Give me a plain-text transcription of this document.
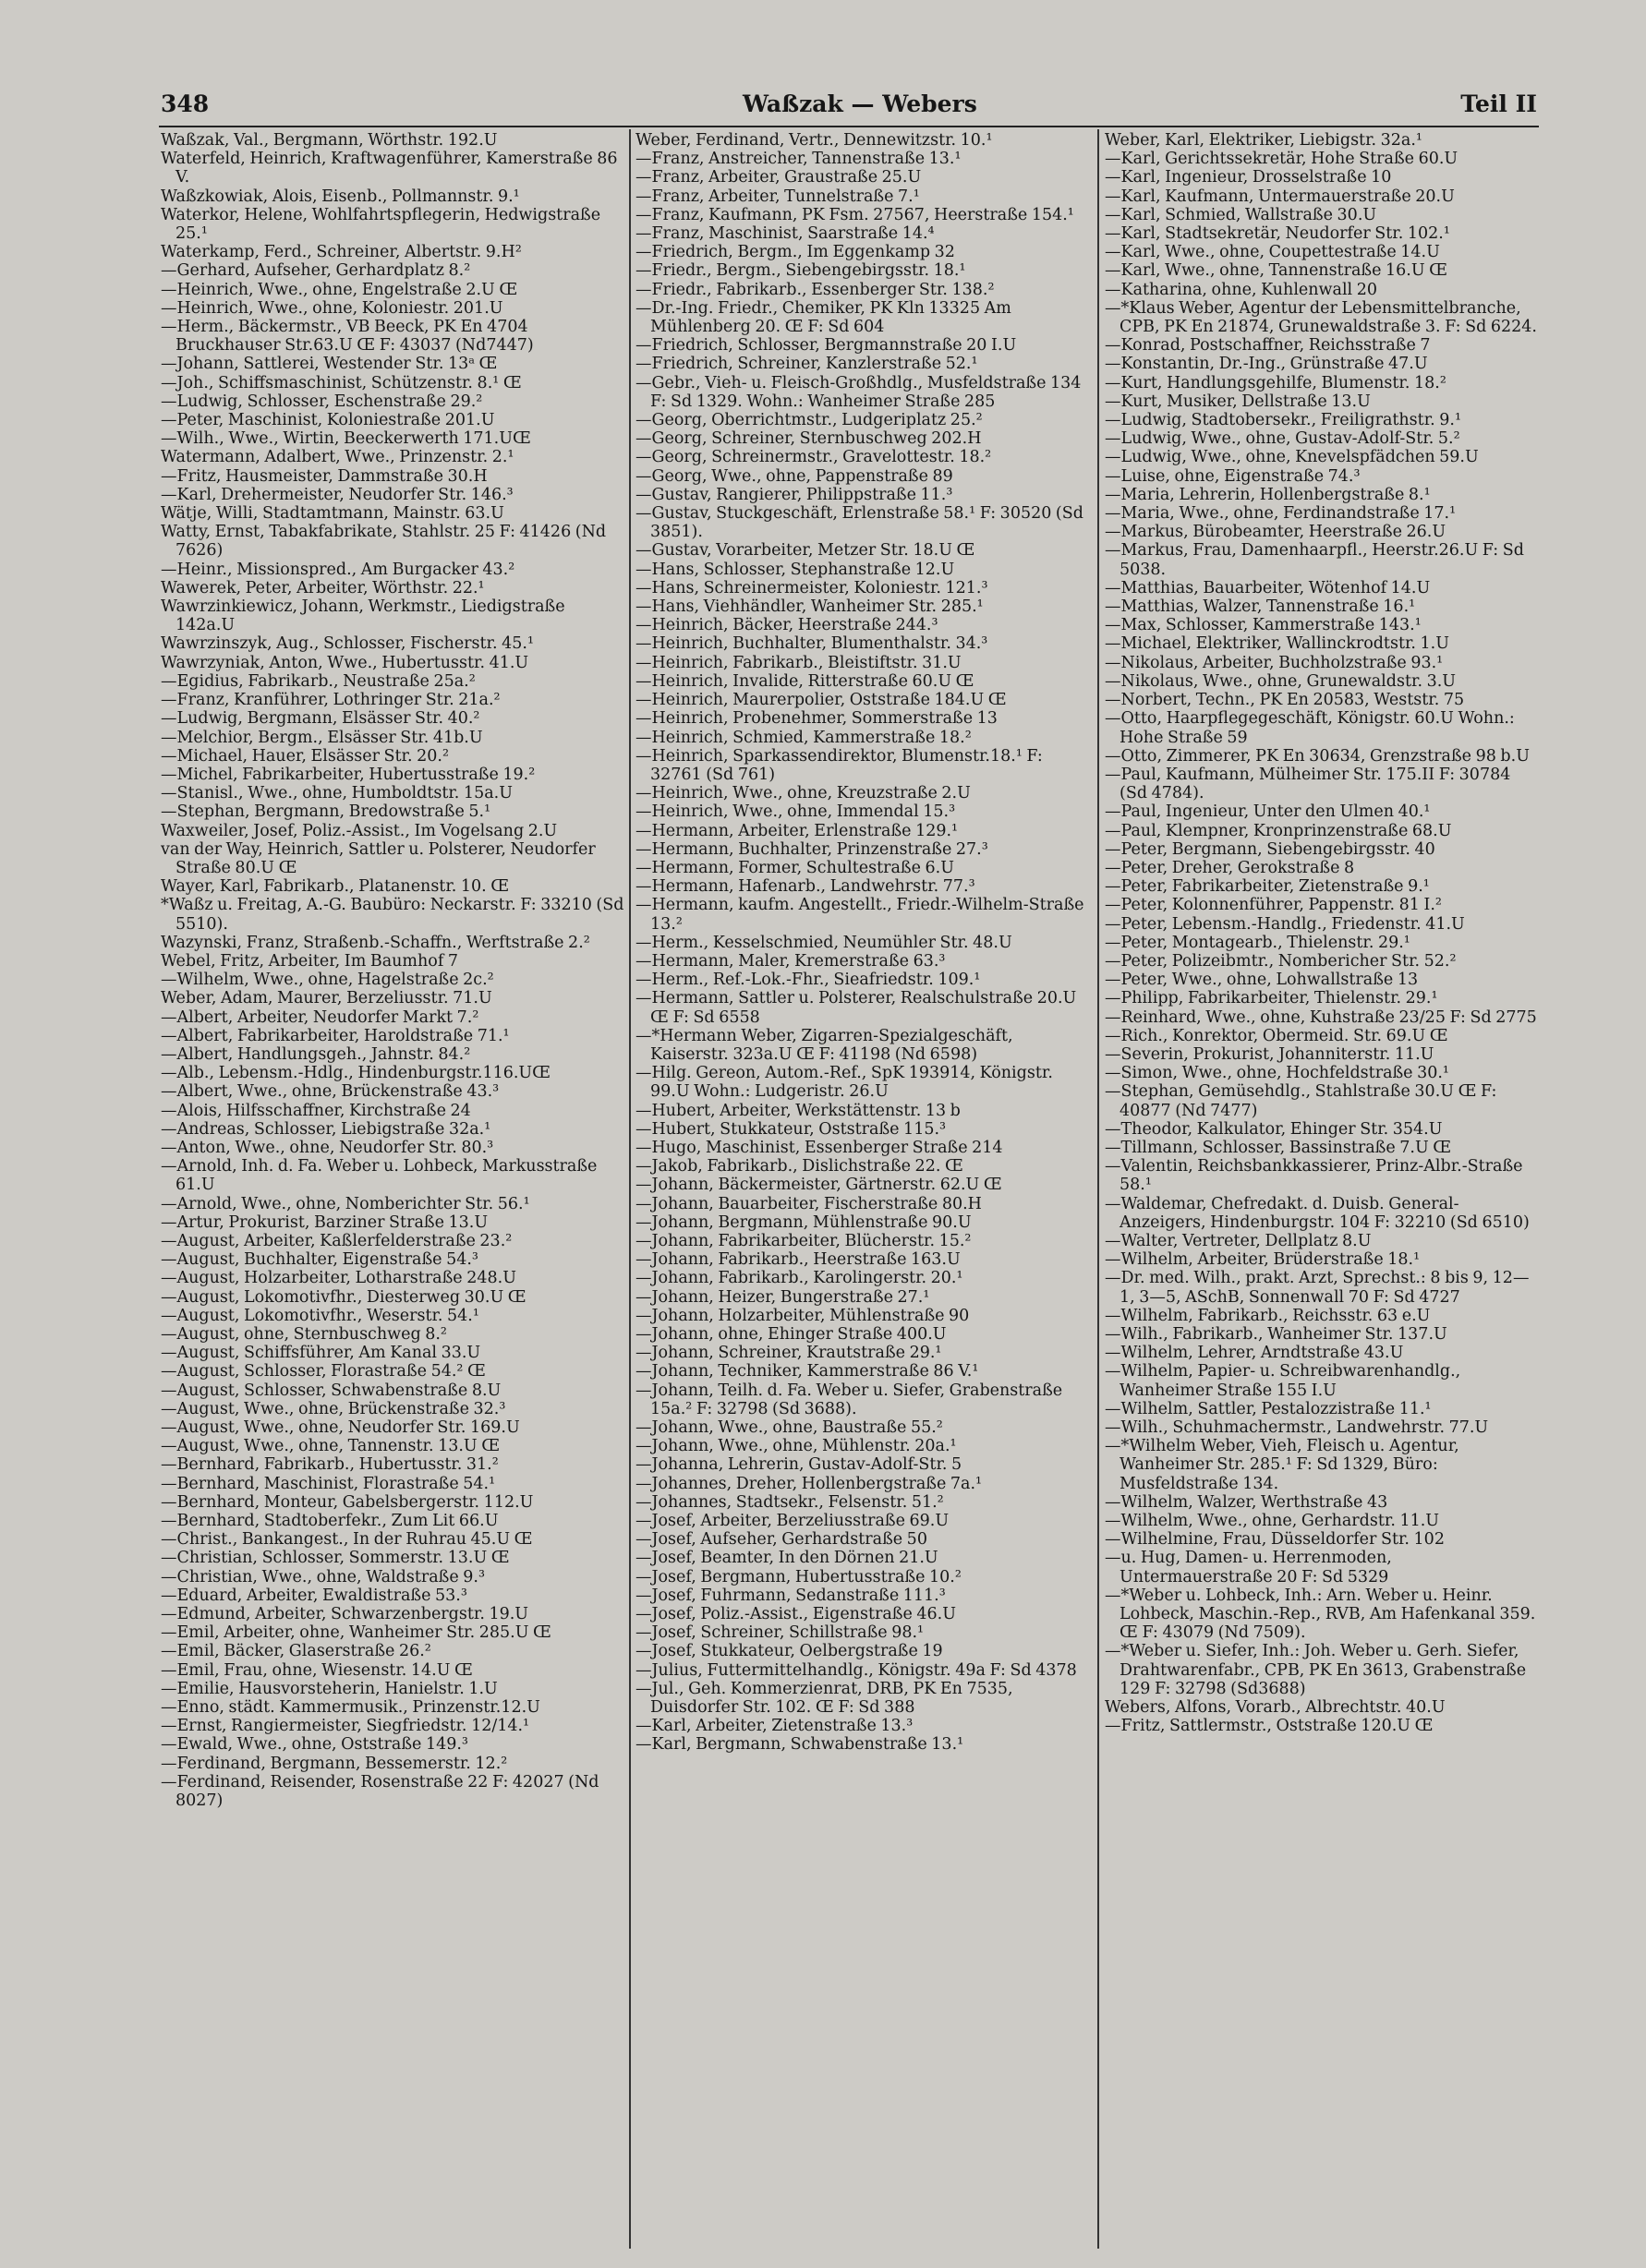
348	Waßzak — Webers	Teil II
Waßzak, Val., Bergmann, Wörthstr. 192.U
Waterfeld, Heinrich, Kraftwagenführer, Kamerstraße 86 V.
Waßzkowiak, Alois, Eisenb., Pollmannstr. 9.¹
Waterkor, Helene, Wohlfahrtspflegerin, Hedwigstraße 25.¹
Waterkamp, Ferd., Schreiner, Albertstr. 9.H²
—Gerhard, Aufseher, Gerhardplatz 8.²
—Heinrich, Wwe., ohne, Engelstraße 2.U Œ
—Heinrich, Wwe., ohne, Koloniestr. 201.U
—Herm., Bäckermstr., VB Beeck, PK En 4704 Bruckhauser Str.63.U Œ F: 43037 (Nd7447)
—Johann, Sattlerei, Westender Str. 13ᵃ Œ
—Joh., Schiffsmaschinist, Schützenstr. 8.¹ Œ
—Ludwig, Schlosser, Eschenstraße 29.²
—Peter, Maschinist, Koloniestraße 201.U
—Wilh., Wwe., Wirtin, Beeckerwerth 171.UŒ
Watermann, Adalbert, Wwe., Prinzenstr. 2.¹
—Fritz, Hausmeister, Dammstraße 30.H
—Karl, Drehermeister, Neudorfer Str. 146.³
Wätje, Willi, Stadtamtmann, Mainstr. 63.U
Watty, Ernst, Tabakfabrikate, Stahlstr. 25 F: 41426 (Nd 7626)
—Heinr., Missionspred., Am Burgacker 43.²
Wawerek, Peter, Arbeiter, Wörthstr. 22.¹
Wawrzinkiewicz, Johann, Werkmstr., Liedigstraße 142a.U
Wawrzinszyk, Aug., Schlosser, Fischerstr. 45.¹
Wawrzyniak, Anton, Wwe., Hubertusstr. 41.U
—Egidius, Fabrikarb., Neustraße 25a.²
—Franz, Kranführer, Lothringer Str. 21a.²
—Ludwig, Bergmann, Elsässer Str. 40.²
—Melchior, Bergm., Elsässer Str. 41b.U
—Michael, Hauer, Elsässer Str. 20.²
—Michel, Fabrikarbeiter, Hubertusstraße 19.²
—Stanisl., Wwe., ohne, Humboldtstr. 15a.U
—Stephan, Bergmann, Bredowstraße 5.¹
Waxweiler, Josef, Poliz.-Assist., Im Vogelsang 2.U
van der Way, Heinrich, Sattler u. Polsterer, Neudorfer Straße 80.U Œ
Wayer, Karl, Fabrikarb., Platanenstr. 10. Œ
*Waßz u. Freitag, A.-G. Baubüro: Neckarstr. F: 33210 (Sd 5510).
Wazynski, Franz, Straßenb.-Schaffn., Werftstraße 2.²
Webel, Fritz, Arbeiter, Im Baumhof 7
—Wilhelm, Wwe., ohne, Hagelstraße 2c.²
Weber, Adam, Maurer, Berzeliusstr. 71.U
—Albert, Arbeiter, Neudorfer Markt 7.²
—Albert, Fabrikarbeiter, Haroldstraße 71.¹
—Albert, Handlungsgeh., Jahnstr. 84.²
—Alb., Lebensm.-Hdlg., Hindenburgstr.116.UŒ
—Albert, Wwe., ohne, Brückenstraße 43.³
—Alois, Hilfsschaffner, Kirchstraße 24
—Andreas, Schlosser, Liebigstraße 32a.¹
—Anton, Wwe., ohne, Neudorfer Str. 80.³
—Arnold, Inh. d. Fa. Weber u. Lohbeck, Markusstraße 61.U
—Arnold, Wwe., ohne, Nomberichter Str. 56.¹
—Artur, Prokurist, Barziner Straße 13.U
—August, Arbeiter, Kaßlerfelderstraße 23.²
—August, Buchhalter, Eigenstraße 54.³
—August, Holzarbeiter, Lotharstraße 248.U
—August, Lokomotivfhr., Diesterweg 30.U Œ
—August, Lokomotivfhr., Weserstr. 54.¹
—August, ohne, Sternbuschweg 8.²
—August, Schiffsführer, Am Kanal 33.U
—August, Schlosser, Florastraße 54.² Œ
—August, Schlosser, Schwabenstraße 8.U
—August, Wwe., ohne, Brückenstraße 32.³
—August, Wwe., ohne, Neudorfer Str. 169.U
—August, Wwe., ohne, Tannenstr. 13.U Œ
—Bernhard, Fabrikarb., Hubertusstr. 31.²
—Bernhard, Maschinist, Florastraße 54.¹
—Bernhard, Monteur, Gabelsbergerstr. 112.U
—Bernhard, Stadtoberfekr., Zum Lit 66.U
—Christ., Bankangest., In der Ruhrau 45.U Œ
—Christian, Schlosser, Sommerstr. 13.U Œ
—Christian, Wwe., ohne, Waldstraße 9.³
—Eduard, Arbeiter, Ewaldistraße 53.³
—Edmund, Arbeiter, Schwarzenbergstr. 19.U
—Emil, Arbeiter, ohne, Wanheimer Str. 285.U Œ
—Emil, Bäcker, Glaserstraße 26.²
—Emil, Frau, ohne, Wiesenstr. 14.U Œ
—Emilie, Hausvorsteherin, Hanielstr. 1.U
—Enno, städt. Kammermusik., Prinzenstr.12.U
—Ernst, Rangiermeister, Siegfriedstr. 12/14.¹
—Ewald, Wwe., ohne, Oststraße 149.³
—Ferdinand, Bergmann, Bessemerstr. 12.²
—Ferdinand, Reisender, Rosenstraße 22 F: 42027 (Nd 8027)
Weber, Ferdinand, Vertr., Dennewitzstr. 10.¹
—Franz, Anstreicher, Tannenstraße 13.¹
—Franz, Arbeiter, Graustraße 25.U
—Franz, Arbeiter, Tunnelstraße 7.¹
—Franz, Kaufmann, PK Fsm. 27567, Heerstraße 154.¹
—Franz, Maschinist, Saarstraße 14.⁴
—Friedrich, Bergm., Im Eggenkamp 32
—Friedr., Bergm., Siebengebirgsstr. 18.¹
—Friedr., Fabrikarb., Essenberger Str. 138.²
—Dr.-Ing. Friedr., Chemiker, PK Kln 13325 Am Mühlenberg 20. Œ F: Sd 604
—Friedrich, Schlosser, Bergmannstraße 20 I.U
—Friedrich, Schreiner, Kanzlerstraße 52.¹
—Gebr., Vieh- u. Fleisch-Großhdlg., Musfeldstraße 134 F: Sd 1329. Wohn.: Wanheimer Straße 285
—Georg, Oberrichtmstr., Ludgeriplatz 25.²
—Georg, Schreiner, Sternbuschweg 202.H
—Georg, Schreinermstr., Gravelottestr. 18.²
—Georg, Wwe., ohne, Pappenstraße 89
—Gustav, Rangierer, Philippstraße 11.³
—Gustav, Stuckgeschäft, Erlenstraße 58.¹ F: 30520 (Sd 3851).
—Gustav, Vorarbeiter, Metzer Str. 18.U Œ
—Hans, Schlosser, Stephanstraße 12.U
—Hans, Schreinermeister, Koloniestr. 121.³
—Hans, Viehhändler, Wanheimer Str. 285.¹
—Heinrich, Bäcker, Heerstraße 244.³
—Heinrich, Buchhalter, Blumenthalstr. 34.³
—Heinrich, Fabrikarb., Bleistiftstr. 31.U
—Heinrich, Invalide, Ritterstraße 60.U Œ
—Heinrich, Maurerpolier, Oststraße 184.U Œ
—Heinrich, Probenehmer, Sommerstraße 13
—Heinrich, Schmied, Kammerstraße 18.²
—Heinrich, Sparkassendirektor, Blumenstr.18.¹ F: 32761 (Sd 761)
—Heinrich, Wwe., ohne, Kreuzstraße 2.U
—Heinrich, Wwe., ohne, Immendal 15.³
—Hermann, Arbeiter, Erlenstraße 129.¹
—Hermann, Buchhalter, Prinzenstraße 27.³
—Hermann, Former, Schultestraße 6.U
—Hermann, Hafenarb., Landwehrstr. 77.³
—Hermann, kaufm. Angestellt., Friedr.-Wilhelm-Straße 13.²
—Herm., Kesselschmied, Neumühler Str. 48.U
—Hermann, Maler, Kremerstraße 63.³
—Herm., Ref.-Lok.-Fhr., Sieafriedstr. 109.¹
—Hermann, Sattler u. Polsterer, Realschulstraße 20.U Œ F: Sd 6558
—*Hermann Weber, Zigarren-Spezialgeschäft, Kaiserstr. 323a.U Œ F: 41198 (Nd 6598)
—Hilg. Gereon, Autom.-Ref., SpK 193914, Königstr. 99.U Wohn.: Ludgeristr. 26.U
—Hubert, Arbeiter, Werkstättenstr. 13 b
—Hubert, Stukkateur, Oststraße 115.³
—Hugo, Maschinist, Essenberger Straße 214
—Jakob, Fabrikarb., Dislichstraße 22. Œ
—Johann, Bäckermeister, Gärtnerstr. 62.U Œ
—Johann, Bauarbeiter, Fischerstraße 80.H
—Johann, Bergmann, Mühlenstraße 90.U
—Johann, Fabrikarbeiter, Blücherstr. 15.²
—Johann, Fabrikarb., Heerstraße 163.U
—Johann, Fabrikarb., Karolingerstr. 20.¹
—Johann, Heizer, Bungerstraße 27.¹
—Johann, Holzarbeiter, Mühlenstraße 90
—Johann, ohne, Ehinger Straße 400.U
—Johann, Schreiner, Krautstraße 29.¹
—Johann, Techniker, Kammerstraße 86 V.¹
—Johann, Teilh. d. Fa. Weber u. Siefer, Grabenstraße 15a.² F: 32798 (Sd 3688).
—Johann, Wwe., ohne, Baustraße 55.²
—Johann, Wwe., ohne, Mühlenstr. 20a.¹
—Johanna, Lehrerin, Gustav-Adolf-Str. 5
—Johannes, Dreher, Hollenbergstraße 7a.¹
—Johannes, Stadtsekr., Felsenstr. 51.²
—Josef, Arbeiter, Berzeliusstraße 69.U
—Josef, Aufseher, Gerhardstraße 50
—Josef, Beamter, In den Dörnen 21.U
—Josef, Bergmann, Hubertusstraße 10.²
—Josef, Fuhrmann, Sedanstraße 111.³
—Josef, Poliz.-Assist., Eigenstraße 46.U
—Josef, Schreiner, Schillstraße 98.¹
—Josef, Stukkateur, Oelbergstraße 19
—Julius, Futtermittelhandlg., Königstr. 49a F: Sd 4378
—Jul., Geh. Kommerzienrat, DRB, PK En 7535, Duisdorfer Str. 102. Œ F: Sd 388
—Karl, Arbeiter, Zietenstraße 13.³
—Karl, Bergmann, Schwabenstraße 13.¹
Weber, Karl, Elektriker, Liebigstr. 32a.¹
—Karl, Gerichtssekretär, Hohe Straße 60.U
—Karl, Ingenieur, Drosselstraße 10
—Karl, Kaufmann, Untermauerstraße 20.U
—Karl, Schmied, Wallstraße 30.U
—Karl, Stadtsekretär, Neudorfer Str. 102.¹
—Karl, Wwe., ohne, Coupettestraße 14.U
—Karl, Wwe., ohne, Tannenstraße 16.U Œ
—Katharina, ohne, Kuhlenwall 20
—*Klaus Weber, Agentur der Lebensmittelbranche, CPB, PK En 21874, Grunewaldstraße 3. F: Sd 6224.
—Konrad, Postschaffner, Reichsstraße 7
—Konstantin, Dr.-Ing., Grünstraße 47.U
—Kurt, Handlungsgehilfe, Blumenstr. 18.²
—Kurt, Musiker, Dellstraße 13.U
—Ludwig, Stadtobersekr., Freiligrathstr. 9.¹
—Ludwig, Wwe., ohne, Gustav-Adolf-Str. 5.²
—Ludwig, Wwe., ohne, Knevelspfädchen 59.U
—Luise, ohne, Eigenstraße 74.³
—Maria, Lehrerin, Hollenbergstraße 8.¹
—Maria, Wwe., ohne, Ferdinandstraße 17.¹
—Markus, Bürobeamter, Heerstraße 26.U
—Markus, Frau, Damenhaarpfl., Heerstr.26.U F: Sd 5038.
—Matthias, Bauarbeiter, Wötenhof 14.U
—Matthias, Walzer, Tannenstraße 16.¹
—Max, Schlosser, Kammerstraße 143.¹
—Michael, Elektriker, Wallinckrodtstr. 1.U
—Nikolaus, Arbeiter, Buchholzstraße 93.¹
—Nikolaus, Wwe., ohne, Grunewaldstr. 3.U
—Norbert, Techn., PK En 20583, Weststr. 75
—Otto, Haarpflegegeschäft, Königstr. 60.U Wohn.: Hohe Straße 59
—Otto, Zimmerer, PK En 30634, Grenzstraße 98 b.U
—Paul, Kaufmann, Mülheimer Str. 175.II F: 30784 (Sd 4784).
—Paul, Ingenieur, Unter den Ulmen 40.¹
—Paul, Klempner, Kronprinzenstraße 68.U
—Peter, Bergmann, Siebengebirgsstr. 40
—Peter, Dreher, Gerokstraße 8
—Peter, Fabrikarbeiter, Zietenstraße 9.¹
—Peter, Kolonnenführer, Pappenstr. 81 I.²
—Peter, Lebensm.-Handlg., Friedenstr. 41.U
—Peter, Montagearb., Thielenstr. 29.¹
—Peter, Polizeibmtr., Nombericher Str. 52.²
—Peter, Wwe., ohne, Lohwallstraße 13
—Philipp, Fabrikarbeiter, Thielenstr. 29.¹
—Reinhard, Wwe., ohne, Kuhstraße 23/25 F: Sd 2775
—Rich., Konrektor, Obermeid. Str. 69.U Œ
—Severin, Prokurist, Johanniterstr. 11.U
—Simon, Wwe., ohne, Hochfeldstraße 30.¹
—Stephan, Gemüsehdlg., Stahlstraße 30.U Œ F: 40877 (Nd 7477)
—Theodor, Kalkulator, Ehinger Str. 354.U
—Tillmann, Schlosser, Bassinstraße 7.U Œ
—Valentin, Reichsbankkassierer, Prinz-Albr.-Straße 58.¹
—Waldemar, Chefredakt. d. Duisb. General-Anzeigers, Hindenburgstr. 104 F: 32210 (Sd 6510)
—Walter, Vertreter, Dellplatz 8.U
—Wilhelm, Arbeiter, Brüderstraße 18.¹
—Dr. med. Wilh., prakt. Arzt, Sprechst.: 8 bis 9, 12—1, 3—5, ASchB, Sonnenwall 70 F: Sd 4727
—Wilhelm, Fabrikarb., Reichsstr. 63 e.U
—Wilh., Fabrikarb., Wanheimer Str. 137.U
—Wilhelm, Lehrer, Arndtstraße 43.U
—Wilhelm, Papier- u. Schreibwarenhandlg., Wanheimer Straße 155 I.U
—Wilhelm, Sattler, Pestalozzistraße 11.¹
—Wilh., Schuhmachermstr., Landwehrstr. 77.U
—*Wilhelm Weber, Vieh, Fleisch u. Agentur, Wanheimer Str. 285.¹ F: Sd 1329, Büro: Musfeldstraße 134.
—Wilhelm, Walzer, Werthstraße 43
—Wilhelm, Wwe., ohne, Gerhardstr. 11.U
—Wilhelmine, Frau, Düsseldorfer Str. 102
—u. Hug, Damen- u. Herrenmoden, Untermauerstraße 20 F: Sd 5329
—*Weber u. Lohbeck, Inh.: Arn. Weber u. Heinr. Lohbeck, Maschin.-Rep., RVB, Am Hafenkanal 359. Œ F: 43079 (Nd 7509).
—*Weber u. Siefer, Inh.: Joh. Weber u. Gerh. Siefer, Drahtwarenfabr., CPB, PK En 3613, Grabenstraße 129 F: 32798 (Sd3688)
Webers, Alfons, Vorarb., Albrechtstr. 40.U
—Fritz, Sattlermstr., Oststraße 120.U Œ
